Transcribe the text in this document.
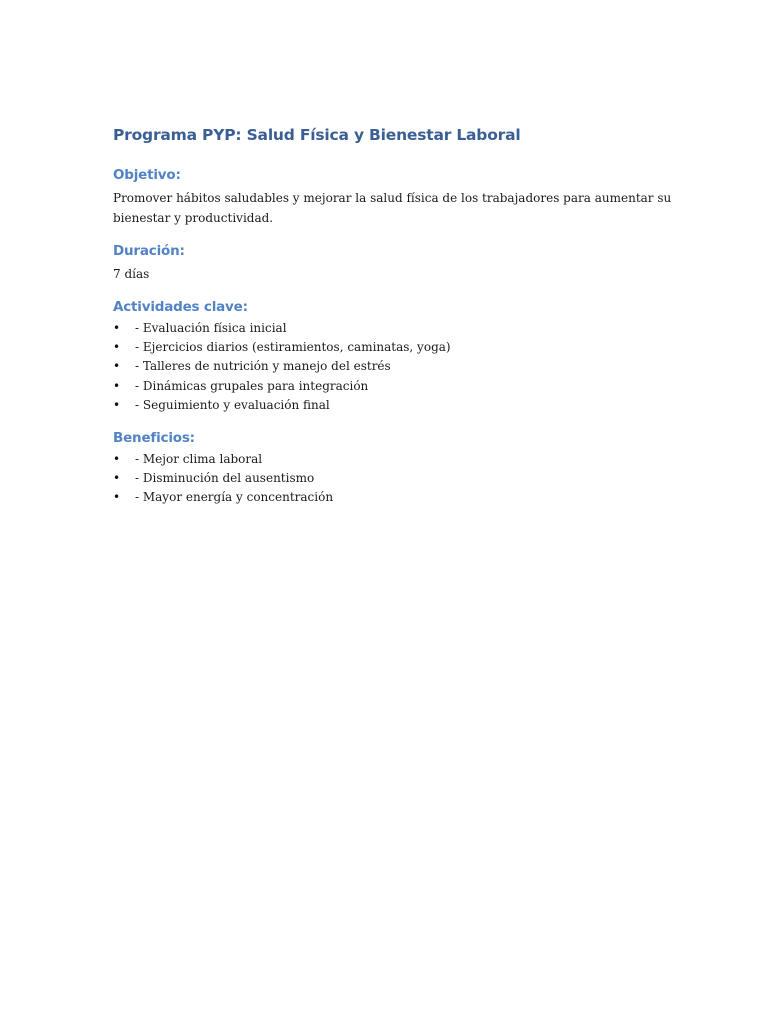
Programa PYP: Salud Física y Bienestar Laboral
Objetivo:

Promover hábitos saludables y mejorar la salud física de los trabajadores para aumentar su bienestar y productividad.

Duración:

7 días

Actividades clave:
• - Evaluación física inicial
• - Ejercicios diarios (estiramientos, caminatas, yoga)
• - Talleres de nutrición y manejo del estrés
• - Dinámicas grupales para integración
• - Seguimiento y evaluación final
Beneficios:
• - Mejor clima laboral
• - Disminución del ausentismo
• - Mayor energía y concentración
